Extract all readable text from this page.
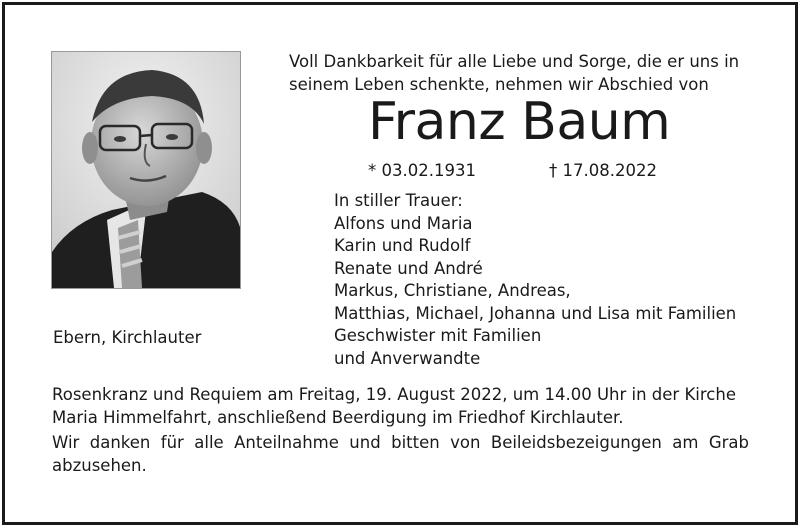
Voll Dankbarkeit für alle Liebe und Sorge, die er uns in
seinem Leben schenkte, nehmen wir Abschied von
Franz Baum
* 03.02.1931	† 17.08.2022
In stiller Trauer:
Alfons und Maria
Karin und Rudolf
Renate und André
Markus, Christiane, Andreas,
Matthias, Michael, Johanna und Lisa mit Familien
Geschwister mit Familien
und Anverwandte
Ebern, Kirchlauter
Rosenkranz und Requiem am Freitag, 19. August 2022, um 14.00 Uhr in der Kirche
Maria Himmelfahrt, anschließend Beerdigung im Friedhof Kirchlauter.
Wir danken für alle Anteilnahme und bitten von Beileidsbezeigungen am Grab abzusehen.
